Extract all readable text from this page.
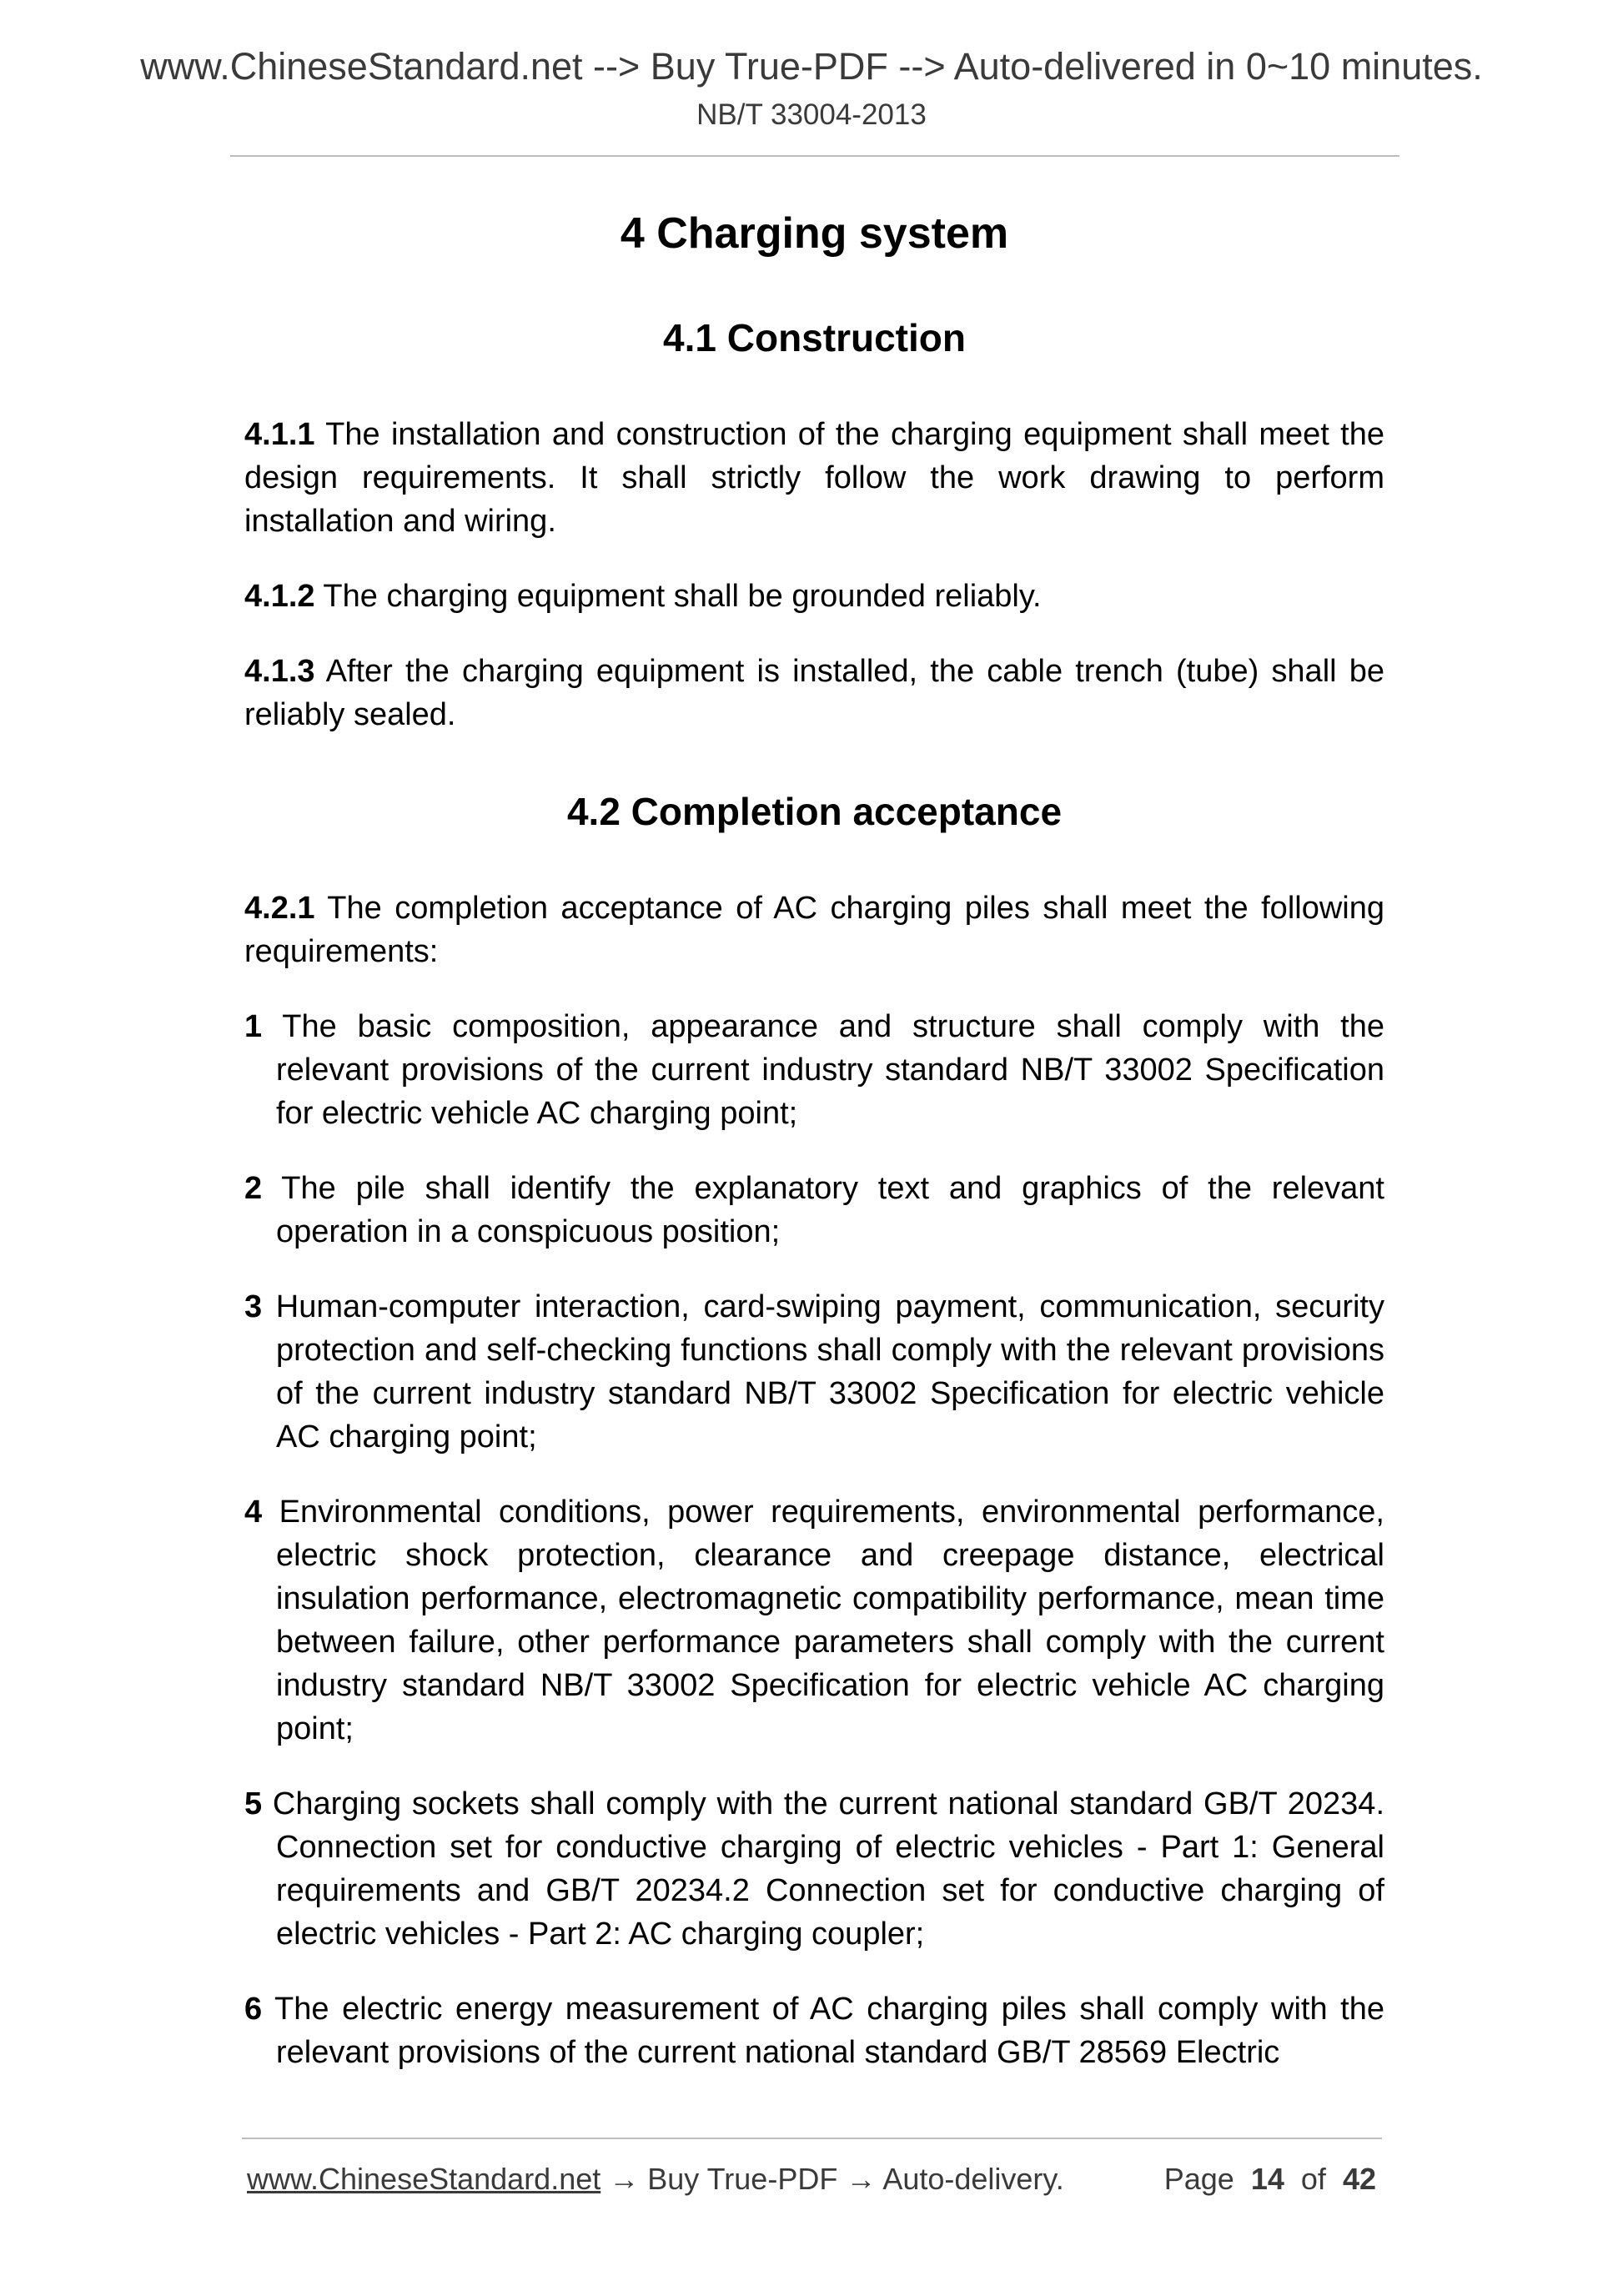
www.ChineseStandard.net --> Buy True-PDF --> Auto-delivered in 0~10 minutes.
NB/T 33004-2013
4 Charging system
4.1 Construction

4.1.1 The installation and construction of the charging equipment shall meet the design requirements. It shall strictly follow the work drawing to perform installation and wiring.

4.1.2 The charging equipment shall be grounded reliably.

4.1.3 After the charging equipment is installed, the cable trench (tube) shall be reliably sealed.

4.2 Completion acceptance

4.2.1 The completion acceptance of AC charging piles shall meet the following requirements:

1 The basic composition, appearance and structure shall comply with the relevant provisions of the current industry standard NB/T 33002 Specification for electric vehicle AC charging point;

2 The pile shall identify the explanatory text and graphics of the relevant operation in a conspicuous position;

3 Human-computer interaction, card-swiping payment, communication, security protection and self-checking functions shall comply with the relevant provisions of the current industry standard NB/T 33002 Specification for electric vehicle AC charging point;

4 Environmental conditions, power requirements, environmental performance, electric shock protection, clearance and creepage distance, electrical insulation performance, electromagnetic compatibility performance, mean time between failure, other performance parameters shall comply with the current industry standard NB/T 33002 Specification for electric vehicle AC charging point;

5 Charging sockets shall comply with the current national standard GB/T 20234. Connection set for conductive charging of electric vehicles - Part 1: General requirements and GB/T 20234.2 Connection set for conductive charging of electric vehicles - Part 2: AC charging coupler;

6 The electric energy measurement of AC charging piles shall comply with the relevant provisions of the current national standard GB/T 28569 Electric

www.ChineseStandard.net → Buy True-PDF → Auto-delivery.	Page 14 of 42
